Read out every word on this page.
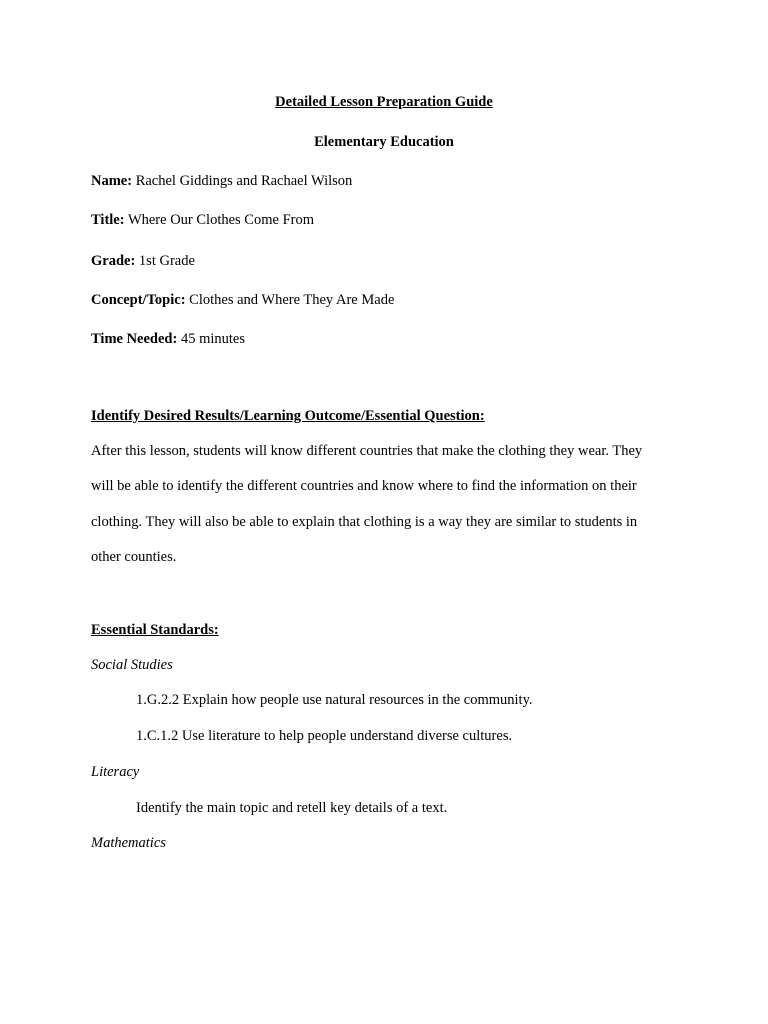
Detailed Lesson Preparation Guide
Elementary Education
Name: Rachel Giddings and Rachael Wilson
Title: Where Our Clothes Come From
Grade: 1st Grade
Concept/Topic: Clothes and Where They Are Made
Time Needed: 45 minutes
Identify Desired Results/Learning Outcome/Essential Question:
After this lesson, students will know different countries that make the clothing they wear. They
will be able to identify the different countries and know where to find the information on their
clothing. They will also be able to explain that clothing is a way they are similar to students in
other counties.
Essential Standards:
Social Studies
1.G.2.2 Explain how people use natural resources in the community.
1.C.1.2 Use literature to help people understand diverse cultures.
Literacy
Identify the main topic and retell key details of a text.
Mathematics
